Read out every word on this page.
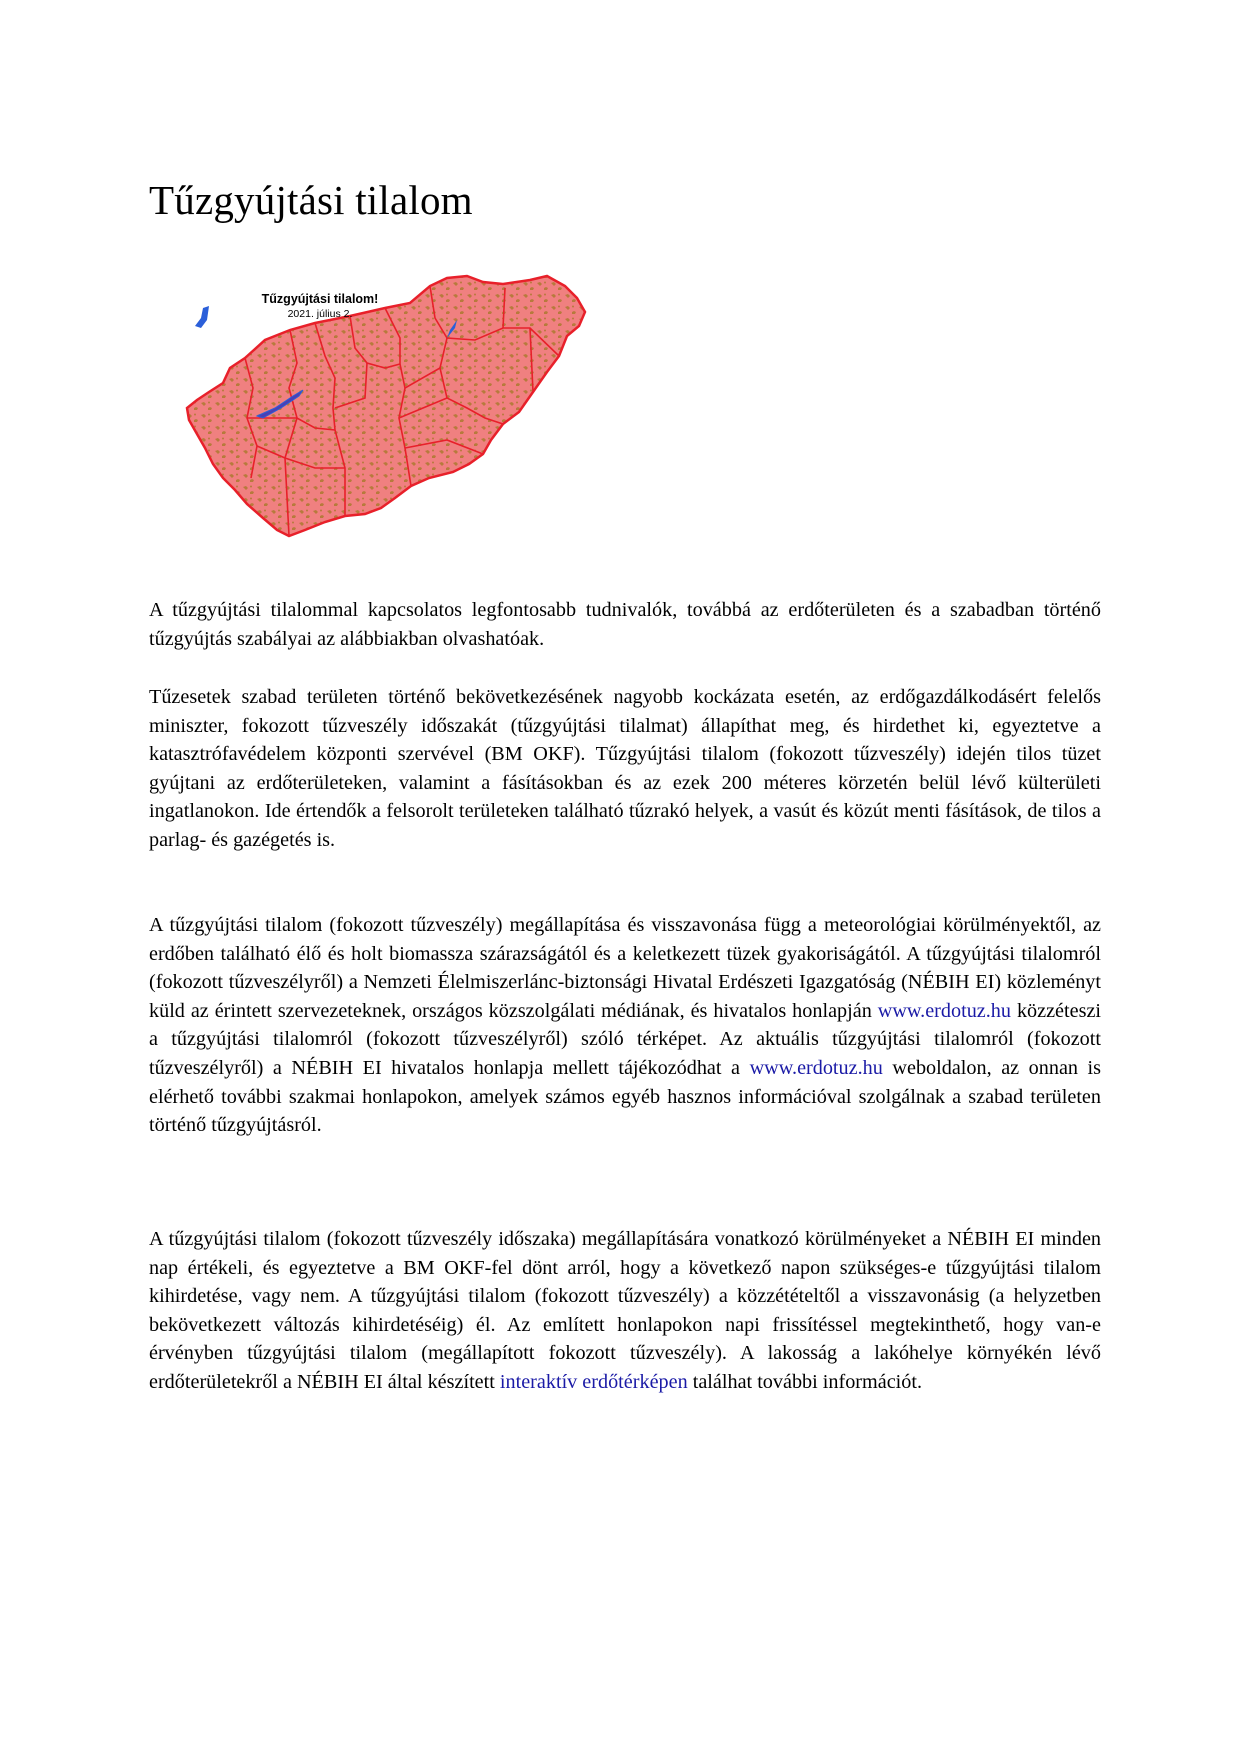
Tűzgyújtási tilalom
Tűzgyújtási tilalom!
2021. július 2.

A tűzgyújtási tilalommal kapcsolatos legfontosabb tudnivalók, továbbá az erdőterületen és a szabadban történő tűzgyújtás szabályai az alábbiakban olvashatóak.

Tűzesetek szabad területen történő bekövetkezésének nagyobb kockázata esetén, az erdőgazdálkodásért felelős miniszter, fokozott tűzveszély időszakát (tűzgyújtási tilalmat) állapíthat meg, és hirdethet ki, egyeztetve a katasztrófavédelem központi szervével (BM OKF). Tűzgyújtási tilalom (fokozott tűzveszély) idején tilos tüzet gyújtani az erdőterületeken, valamint a fásításokban és az ezek 200 méteres körzetén belül lévő külterületi ingatlanokon. Ide értendők a felsorolt területeken található tűzrakó helyek, a vasút és közút menti fásítások, de tilos a parlag- és gazégetés is.

A tűzgyújtási tilalom (fokozott tűzveszély) megállapítása és visszavonása függ a meteorológiai körülményektől, az erdőben található élő és holt biomassza szárazságától és a keletkezett tüzek gyakoriságától. A tűzgyújtási tilalomról (fokozott tűzveszélyről) a Nemzeti Élelmiszerlánc-biztonsági Hivatal Erdészeti Igazgatóság (NÉBIH EI) közleményt küld az érintett szervezeteknek, országos közszolgálati médiának, és hivatalos honlapján www.erdotuz.hu közzéteszi a tűzgyújtási tilalomról (fokozott tűzveszélyről) szóló térképet. Az aktuális tűzgyújtási tilalomról (fokozott tűzveszélyről) a NÉBIH EI hivatalos honlapja mellett tájékozódhat a www.erdotuz.hu weboldalon, az onnan is elérhető további szakmai honlapokon, amelyek számos egyéb hasznos információval szolgálnak a szabad területen történő tűzgyújtásról.

A tűzgyújtási tilalom (fokozott tűzveszély időszaka) megállapítására vonatkozó körülményeket a NÉBIH EI minden nap értékeli, és egyeztetve a BM OKF-fel dönt arról, hogy a következő napon szükséges-e tűzgyújtási tilalom kihirdetése, vagy nem. A tűzgyújtási tilalom (fokozott tűzveszély) a közzétételtől a visszavonásig (a helyzetben bekövetkezett változás kihirdetéséig) él. Az említett honlapokon napi frissítéssel megtekinthető, hogy van-e érvényben tűzgyújtási tilalom (megállapított fokozott tűzveszély). A lakosság a lakóhelye környékén lévő erdőterületekről a NÉBIH EI által készített interaktív erdőtérképen találhat további információt.
